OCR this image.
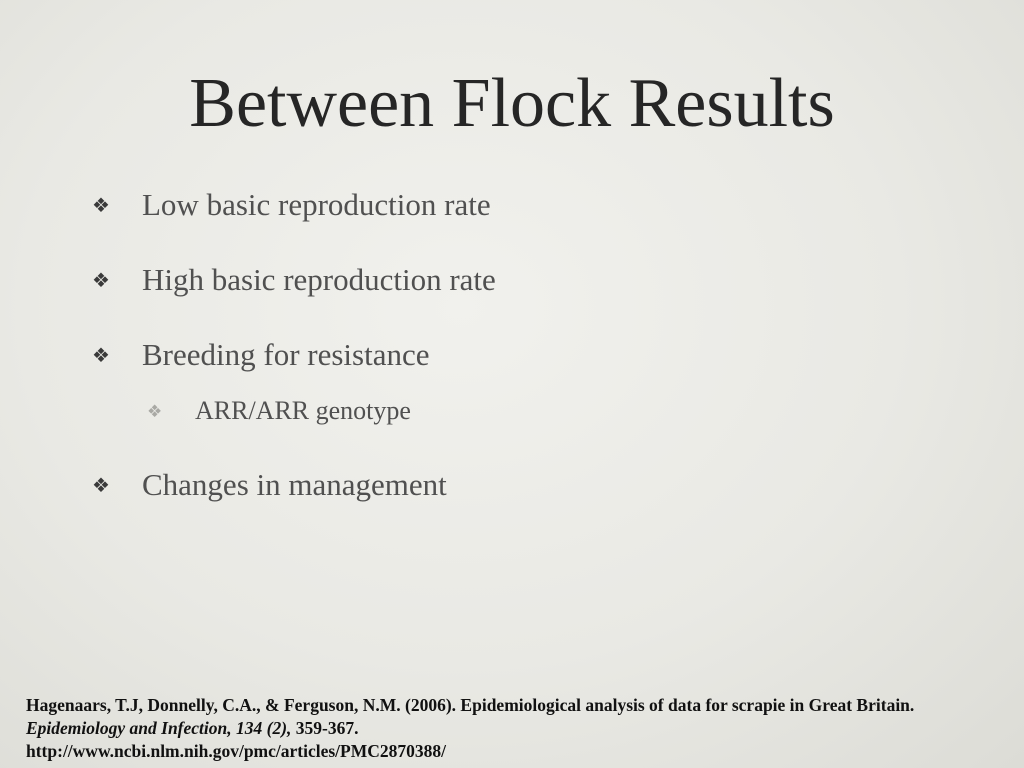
Between Flock Results
❖ Low basic reproduction rate
❖ High basic reproduction rate
❖ Breeding for resistance
❖ ARR/ARR genotype
❖ Changes in management
Hagenaars, T.J, Donnelly, C.A., & Ferguson, N.M. (2006). Epidemiological analysis of data for scrapie in Great Britain. Epidemiology and Infection, 134 (2), 359-367.
http://www.ncbi.nlm.nih.gov/pmc/articles/PMC2870388/
